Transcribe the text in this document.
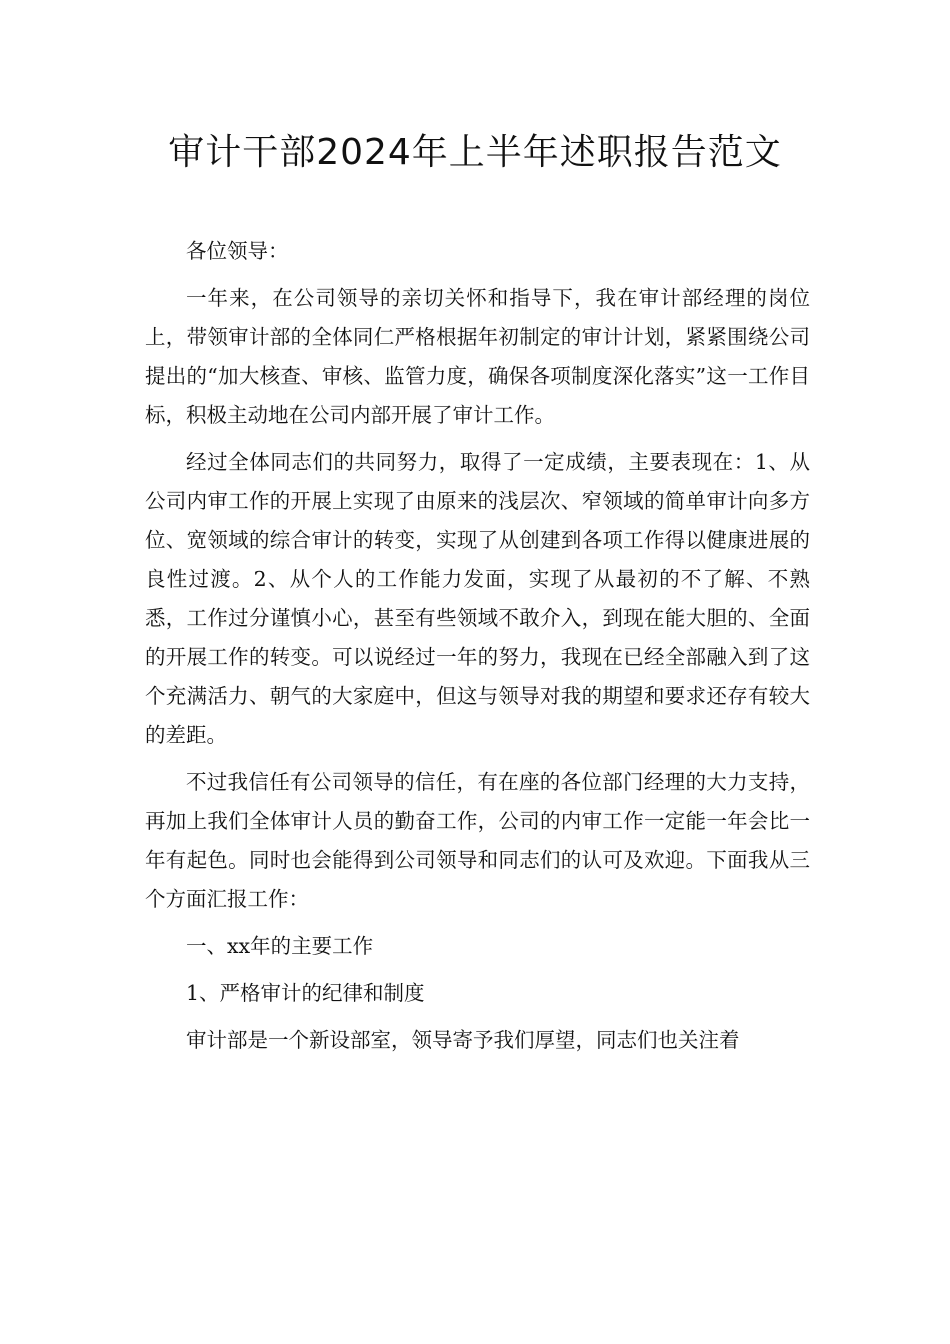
审计干部2024年上半年述职报告范文

各位领导：

一年来，在公司领导的亲切关怀和指导下，我在审计部经理的岗位上，带领审计部的全体同仁严格根据年初制定的审计计划，紧紧围绕公司提出的“加大核查、审核、监管力度，确保各项制度深化落实”这一工作目标，积极主动地在公司内部开展了审计工作。

经过全体同志们的共同努力，取得了一定成绩，主要表现在：1、从公司内审工作的开展上实现了由原来的浅层次、窄领域的简单审计向多方位、宽领域的综合审计的转变，实现了从创建到各项工作得以健康进展的良性过渡。2、从个人的工作能力发面，实现了从最初的不了解、不熟悉，工作过分谨慎小心，甚至有些领域不敢介入，到现在能大胆的、全面的开展工作的转变。可以说经过一年的努力，我现在已经全部融入到了这个充满活力、朝气的大家庭中，但这与领导对我的期望和要求还存有较大的差距。

不过我信任有公司领导的信任，有在座的各位部门经理的大力支持，再加上我们全体审计人员的勤奋工作，公司的内审工作一定能一年会比一年有起色。同时也会能得到公司领导和同志们的认可及欢迎。下面我从三个方面汇报工作：

一、xx年的主要工作

1、严格审计的纪律和制度

审计部是一个新设部室，领导寄予我们厚望，同志们也关注着
